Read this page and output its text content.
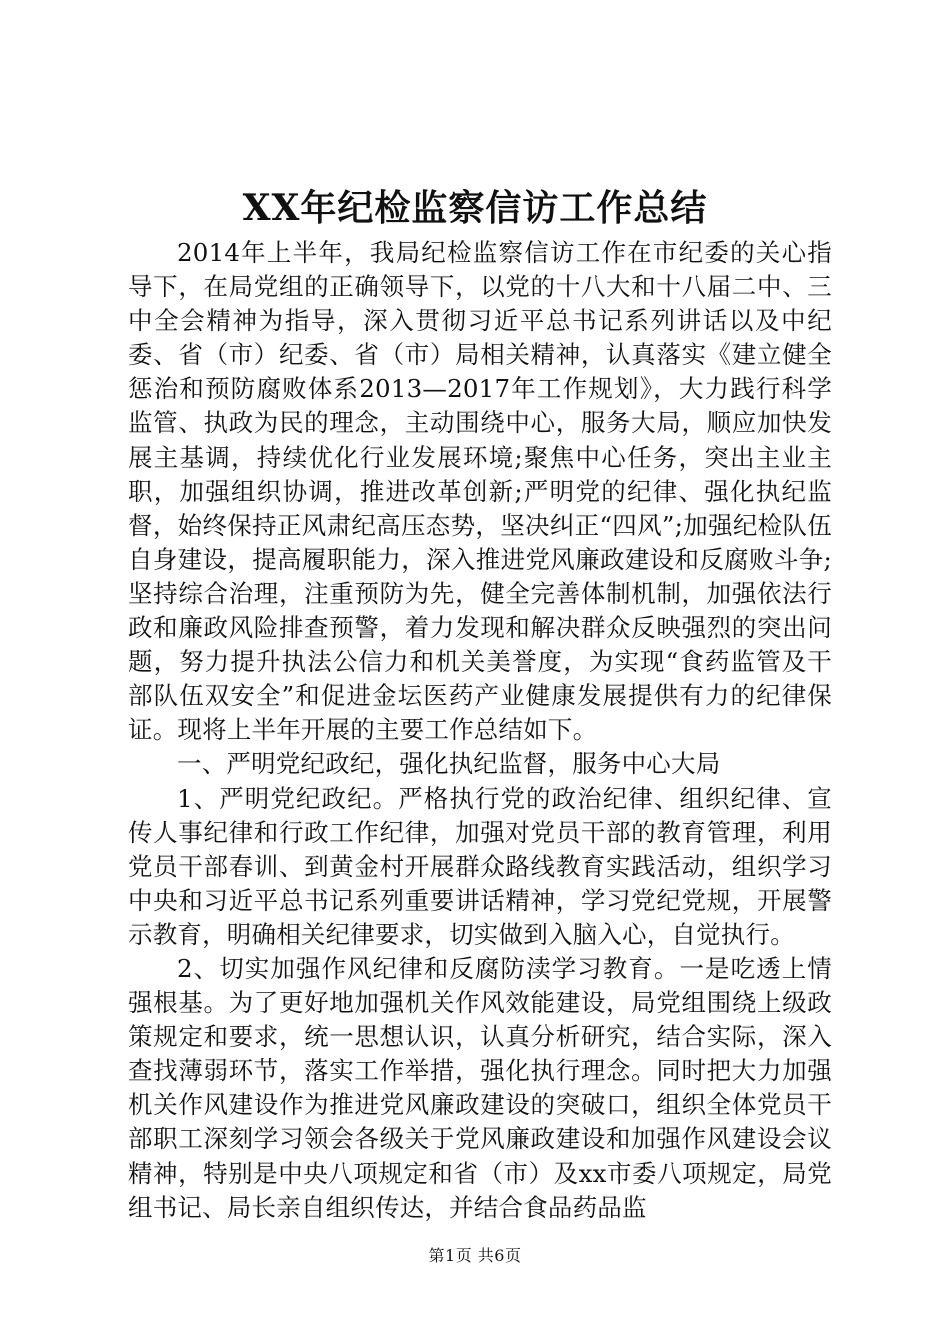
XX年纪检监察信访工作总结

2014年上半年，我局纪检监察信访工作在市纪委的关心指导下，在局党组的正确领导下，以党的十八大和十八届二中、三中全会精神为指导，深入贯彻习近平总书记系列讲话以及中纪委、省（市）纪委、省（市）局相关精神，认真落实《建立健全惩治和预防腐败体系2013—2017年工作规划》，大力践行科学监管、执政为民的理念，主动围绕中心，服务大局，顺应加快发展主基调，持续优化行业发展环境;聚焦中心任务，突出主业主职，加强组织协调，推进改革创新;严明党的纪律、强化执纪监督，始终保持正风肃纪高压态势，坚决纠正“四风”;加强纪检队伍自身建设，提高履职能力，深入推进党风廉政建设和反腐败斗争;坚持综合治理，注重预防为先，健全完善体制机制，加强依法行政和廉政风险排查预警，着力发现和解决群众反映强烈的突出问题，努力提升执法公信力和机关美誉度，为实现“食药监管及干部队伍双安全”和促进金坛医药产业健康发展提供有力的纪律保证。现将上半年开展的主要工作总结如下。

一、严明党纪政纪，强化执纪监督，服务中心大局

1、严明党纪政纪。严格执行党的政治纪律、组织纪律、宣传人事纪律和行政工作纪律，加强对党员干部的教育管理，利用党员干部春训、到黄金村开展群众路线教育实践活动，组织学习中央和习近平总书记系列重要讲话精神，学习党纪党规，开展警示教育，明确相关纪律要求，切实做到入脑入心，自觉执行。

2、切实加强作风纪律和反腐防渎学习教育。一是吃透上情强根基。为了更好地加强机关作风效能建设，局党组围绕上级政策规定和要求，统一思想认识，认真分析研究，结合实际，深入查找薄弱环节，落实工作举措，强化执行理念。同时把大力加强机关作风建设作为推进党风廉政建设的突破口，组织全体党员干部职工深刻学习领会各级关于党风廉政建设和加强作风建设会议精神，特别是中央八项规定和省（市）及xx市委八项规定，局党组书记、局长亲自组织传达，并结合食品药品监

第1页 共6页
